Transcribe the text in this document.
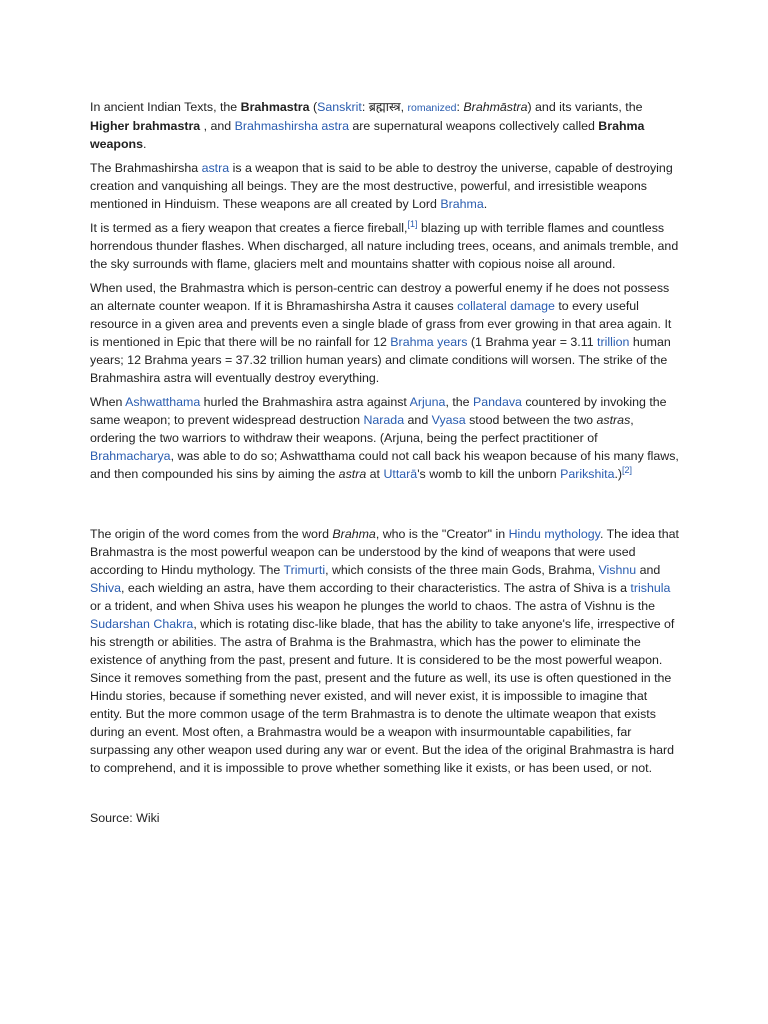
In ancient Indian Texts, the Brahmastra (Sanskrit: ब्रह्मास्त्र, romanized: Brahmāstra) and its variants, the Higher brahmastra , and Brahmashirsha astra are supernatural weapons collectively called Brahma weapons.

The Brahmashirsha astra is a weapon that is said to be able to destroy the universe, capable of destroying creation and vanquishing all beings. They are the most destructive, powerful, and irresistible weapons mentioned in Hinduism. These weapons are all created by Lord Brahma.

It is termed as a fiery weapon that creates a fierce fireball,[1] blazing up with terrible flames and countless horrendous thunder flashes. When discharged, all nature including trees, oceans, and animals tremble, and the sky surrounds with flame, glaciers melt and mountains shatter with copious noise all around.

When used, the Brahmastra which is person-centric can destroy a powerful enemy if he does not possess an alternate counter weapon. If it is Bhramashirsha Astra it causes collateral damage to every useful resource in a given area and prevents even a single blade of grass from ever growing in that area again. It is mentioned in Epic that there will be no rainfall for 12 Brahma years (1 Brahma year = 3.11 trillion human years; 12 Brahma years = 37.32 trillion human years) and climate conditions will worsen. The strike of the Brahmashira astra will eventually destroy everything.

When Ashwatthama hurled the Brahmashira astra against Arjuna, the Pandava countered by invoking the same weapon; to prevent widespread destruction Narada and Vyasa stood between the two astras, ordering the two warriors to withdraw their weapons. (Arjuna, being the perfect practitioner of Brahmacharya, was able to do so; Ashwatthama could not call back his weapon because of his many flaws, and then compounded his sins by aiming the astra at Uttarā's womb to kill the unborn Parikshita.)[2]

The origin of the word comes from the word Brahma, who is the "Creator" in Hindu mythology. The idea that Brahmastra is the most powerful weapon can be understood by the kind of weapons that were used according to Hindu mythology. The Trimurti, which consists of the three main Gods, Brahma, Vishnu and Shiva, each wielding an astra, have them according to their characteristics. The astra of Shiva is a trishula or a trident, and when Shiva uses his weapon he plunges the world to chaos. The astra of Vishnu is the Sudarshan Chakra, which is rotating disc-like blade, that has the ability to take anyone's life, irrespective of his strength or abilities. The astra of Brahma is the Brahmastra, which has the power to eliminate the existence of anything from the past, present and future. It is considered to be the most powerful weapon. Since it removes something from the past, present and the future as well, its use is often questioned in the Hindu stories, because if something never existed, and will never exist, it is impossible to imagine that entity. But the more common usage of the term Brahmastra is to denote the ultimate weapon that exists during an event. Most often, a Brahmastra would be a weapon with insurmountable capabilities, far surpassing any other weapon used during any war or event. But the idea of the original Brahmastra is hard to comprehend, and it is impossible to prove whether something like it exists, or has been used, or not.

Source: Wiki
